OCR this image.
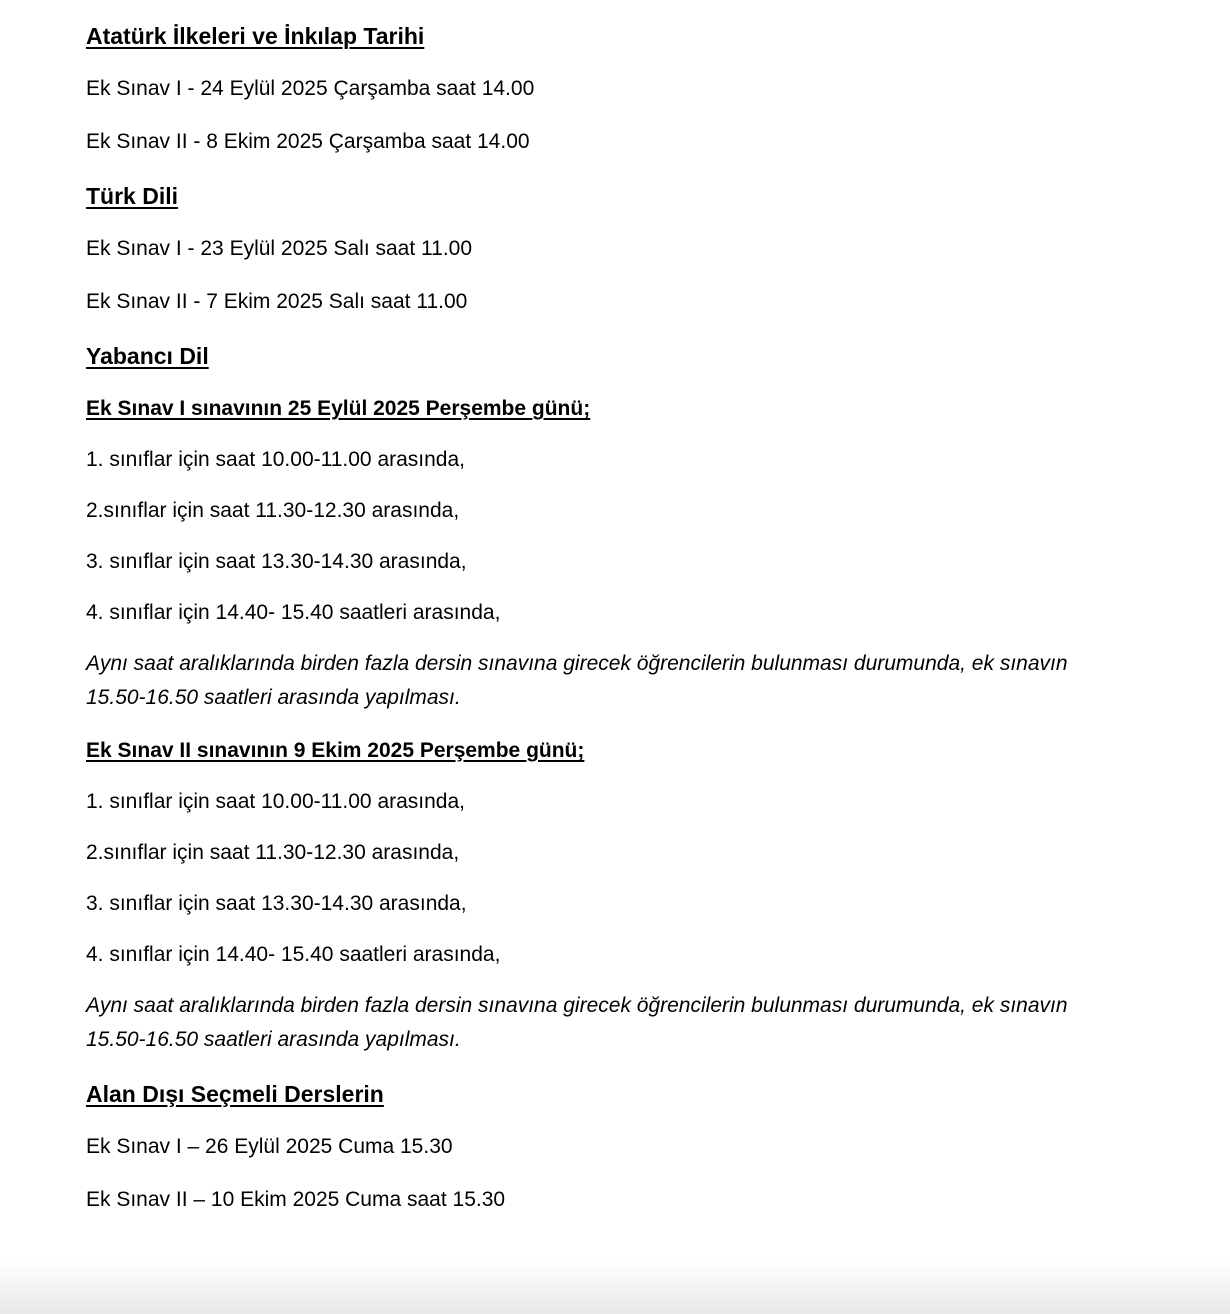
Atatürk İlkeleri ve İnkılap Tarihi

Ek Sınav I - 24 Eylül 2025 Çarşamba saat 14.00

Ek Sınav II - 8 Ekim 2025 Çarşamba saat 14.00

Türk Dili

Ek Sınav I - 23 Eylül 2025 Salı saat 11.00

Ek Sınav II - 7 Ekim 2025 Salı saat 11.00

Yabancı Dil
Ek Sınav I sınavının 25 Eylül 2025 Perşembe günü;

1. sınıflar için saat 10.00-11.00 arasında,

2.sınıflar için saat 11.30-12.30 arasında,

3. sınıflar için saat 13.30-14.30 arasında,

4. sınıflar için 14.40- 15.40 saatleri arasında,

Aynı saat aralıklarında birden fazla dersin sınavına girecek öğrencilerin bulunması durumunda, ek sınavın 15.50-16.50 saatleri arasında yapılması.

Ek Sınav II sınavının 9 Ekim 2025 Perşembe günü;

1. sınıflar için saat 10.00-11.00 arasında,

2.sınıflar için saat 11.30-12.30 arasında,

3. sınıflar için saat 13.30-14.30 arasında,

4. sınıflar için 14.40- 15.40 saatleri arasında,

Aynı saat aralıklarında birden fazla dersin sınavına girecek öğrencilerin bulunması durumunda, ek sınavın 15.50-16.50 saatleri arasında yapılması.

Alan Dışı Seçmeli Derslerin

Ek Sınav I – 26 Eylül 2025 Cuma 15.30

Ek Sınav II – 10 Ekim 2025 Cuma saat 15.30
